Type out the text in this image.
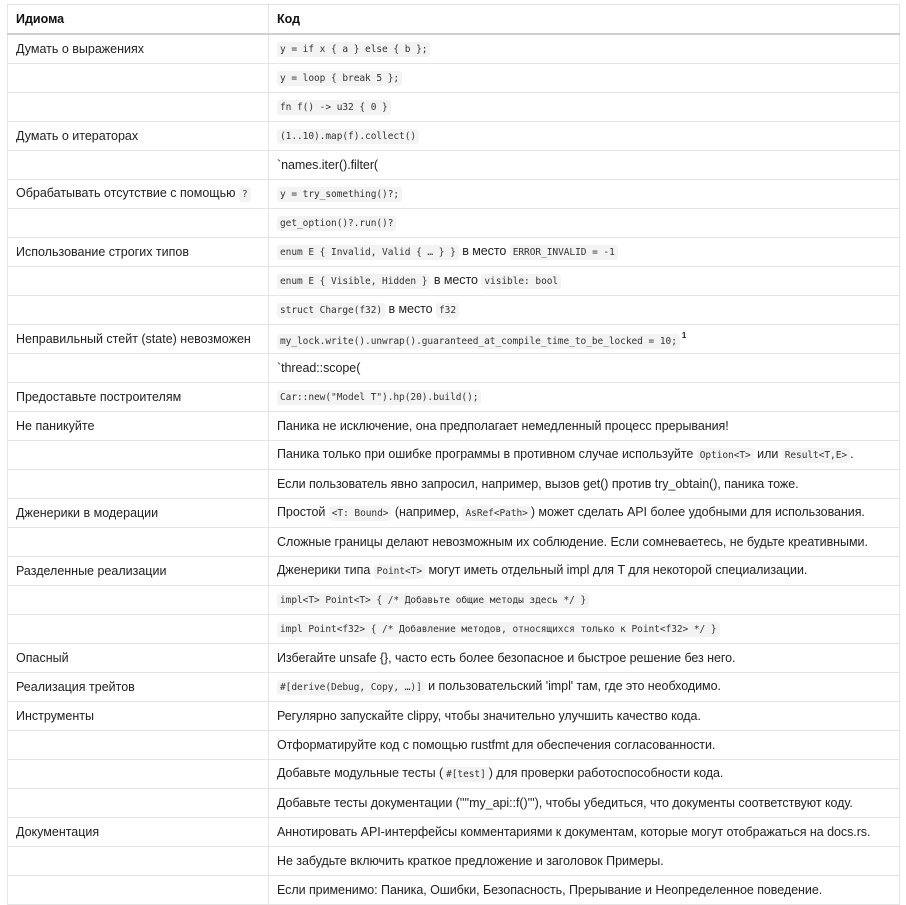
Идиома	Код
Думать о выражениях	y = if x { a } else { b };
	y = loop { break 5 };
	fn f() -> u32 { 0 }
Думать о итераторах	(1..10).map(f).collect()
	`names.iter().filter(
Обрабатывать отсутствие с помощью ?	y = try_something()?;
	get_option()?.run()?
Использование строгих типов	enum E { Invalid, Valid { … } } в место ERROR_INVALID = -1
	enum E { Visible, Hidden } в место visible: bool
	struct Charge(f32) в место f32
Неправильный стейт (state) невозможен	my_lock.write().unwrap().guaranteed_at_compile_time_to_be_locked = 10; $^1$
	`thread::scope(
Предоставьте построителям	Car::new("Model T").hp(20).build();
Не паникуйте	Паника не исключение, она предполагает немедленный процесс прерывания!
	Паника только при ошибке программы в противном случае используйте Option<T> или Result<T,E> .
	Если пользователь явно запросил, например, вызов get() против try_obtain(), паника тоже.
Дженерики в модерации	Простой <T: Bound> (например, AsRef<Path> ) может сделать API более удобными для использования.
	Сложные границы делают невозможным их соблюдение. Если сомневаетесь, не будьте креативными.
Разделенные реализации	Дженерики типа Point<T> могут иметь отдельный impl для T для некоторой специализации.
	impl<T> Point<T> { /* Добавьте общие методы здесь */ }
	impl Point<f32> { /* Добавление методов, относящихся только к Point<f32> */ }
Опасный	Избегайте unsafe {}, часто есть более безопасное и быстрое решение без него.
Реализация трейтов	#[derive(Debug, Copy, …)] и пользовательский 'impl' там, где это необходимо.
Инструменты	Регулярно запускайте clippy, чтобы значительно улучшить качество кода.
	Отформатируйте код с помощью rustfmt для обеспечения согласованности.
	Добавьте модульные тесты ( #[test] ) для проверки работоспособности кода.
	Добавьте тесты документации (''''my_api::f()'''), чтобы убедиться, что документы соответствуют коду.
Документация	Аннотировать API-интерфейсы комментариями к документам, которые могут отображаться на docs.rs.
	Не забудьте включить краткое предложение и заголовок Примеры.
	Если применимо: Паника, Ошибки, Безопасность, Прерывание и Неопределенное поведение.
